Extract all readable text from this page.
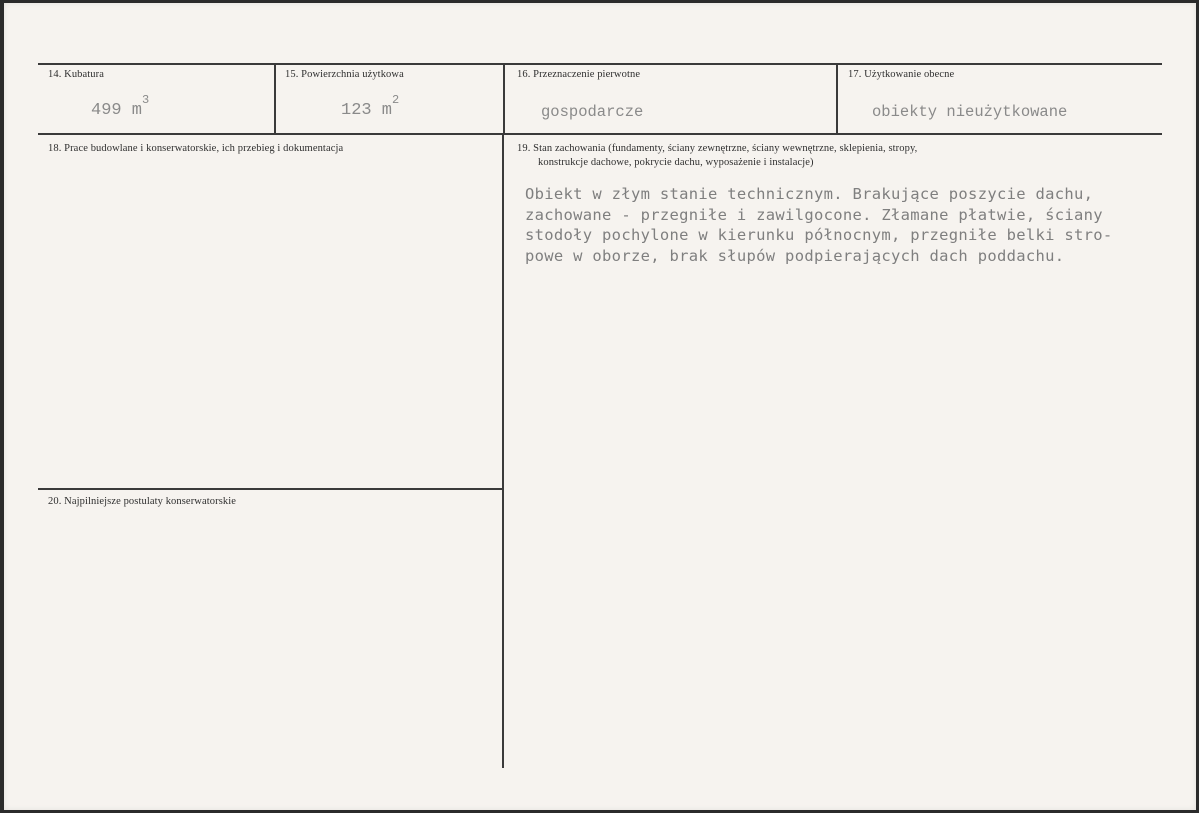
14. Kubatura
499 $m^3$
15. Powierzchnia użytkowa
123 $m^2$
16. Przeznaczenie pierwotne
gospodarcze
17. Użytkowanie obecne
obiekty nieużytkowane
18. Prace budowlane i konserwatorskie, ich przebieg i dokumentacja	19. Stan zachowania (fundamenty, ściany zewnętrzne, ściany wewnętrzne, sklepienia, stropy,
konstrukcje dachowe, pokrycie dachu, wyposażenie i instalacje)
Obiekt w złym stanie technicznym. Brakujące poszycie dachu,
zachowane - przegniłe i zawilgocone. Złamane płatwie, ściany
stodoły pochylone w kierunku północnym, przegniłe belki stro-
powe w oborze, brak słupów podpierających dach poddachu.
20. Najpilniejsze postulaty konserwatorskie
